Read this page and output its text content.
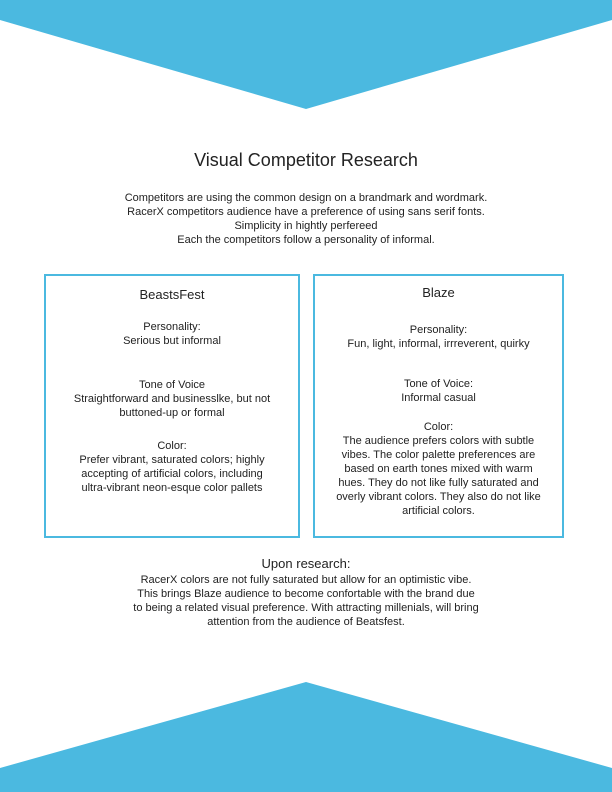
Visual Competitor Research
Competitors are using the common design on a brandmark and wordmark.
RacerX competitors audience have a preference of using sans serif fonts.
Simplicity in hightly perfereed
Each the competitors follow a personality of informal.
BeastsFest
Personality:
Serious but informal
Tone of Voice
Straightforward and businesslke, but not
buttoned-up or formal
Color:
Prefer vibrant, saturated colors; highly
accepting of artificial colors, including
ultra-vibrant neon-esque color pallets
Blaze
Personality:
Fun, light, informal, irrreverent, quirky
Tone of Voice:
Informal casual
Color:
The audience prefers colors with subtle
vibes. The color palette preferences are
based on earth tones mixed with warm
hues. They do not like fully saturated and
overly vibrant colors. They also do not like
artificial colors.
Upon research:
RacerX colors are not fully saturated but allow for an optimistic vibe.
This brings Blaze audience to become confortable with the brand due
to being a related visual preference. With attracting millenials, will bring
attention from the audience of Beatsfest.
